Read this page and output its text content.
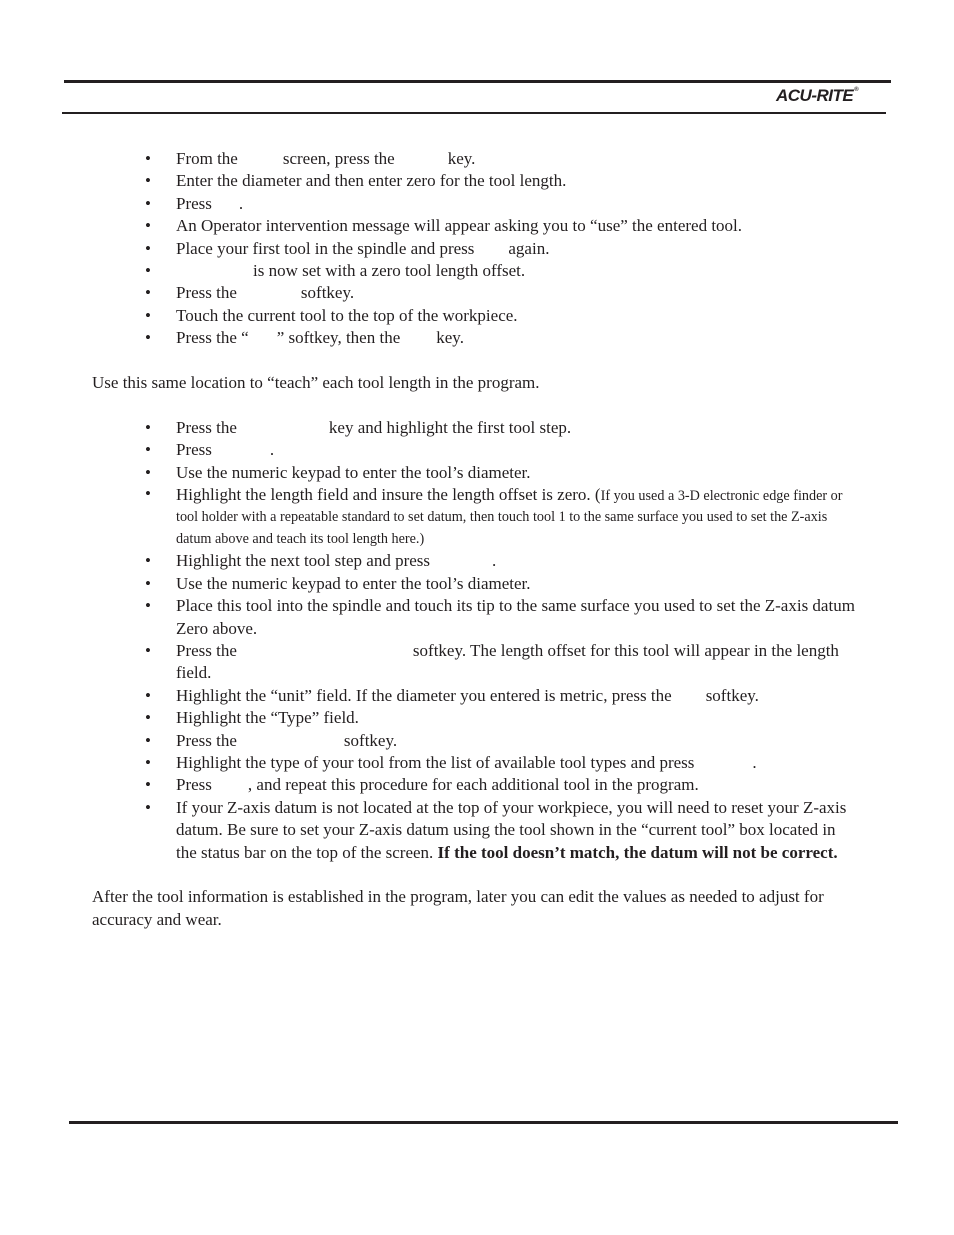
ACU-RITE®
• From the	screen, press the	key.
• Enter the diameter and then enter zero for the tool length.
• Press .
• An Operator intervention message will appear asking you to “use” the entered tool.
• Place your first tool in the spindle and press again.
•	is now set with a zero tool length offset.
• Press the	softkey.
• Touch the current tool to the top of the workpiece.
• Press the “ ” softkey, then the key.

Use this same location to “teach” each tool length in the program.

• Press the	key and highlight the first tool step.
• Press	.
• Use the numeric keypad to enter the tool’s diameter.
• Highlight the length field and insure the length offset is zero. (If you used a 3-D electronic edge finder or tool holder with a repeatable standard to set datum, then touch tool 1 to the same surface you used to set the Z-axis datum above and teach its tool length here.)
• Highlight the next tool step and press	.
• Use the numeric keypad to enter the tool’s diameter.
• Place this tool into the spindle and touch its tip to the same surface you used to set the Z-axis datum Zero above.
• Press the	softkey. The length offset for this tool will appear in the length field.
• Highlight the “unit” field. If the diameter you entered is metric, press the softkey.
• Highlight the “Type” field.
• Press the	softkey.
• Highlight the type of your tool from the list of available tool types and press	.
• Press , and repeat this procedure for each additional tool in the program.
• If your Z-axis datum is not located at the top of your workpiece, you will need to reset your Z-axis datum. Be sure to set your Z-axis datum using the tool shown in the “current tool” box located in the status bar on the top of the screen. If the tool doesn’t match, the datum will not be correct.

After the tool information is established in the program, later you can edit the values as needed to adjust for accuracy and wear.
